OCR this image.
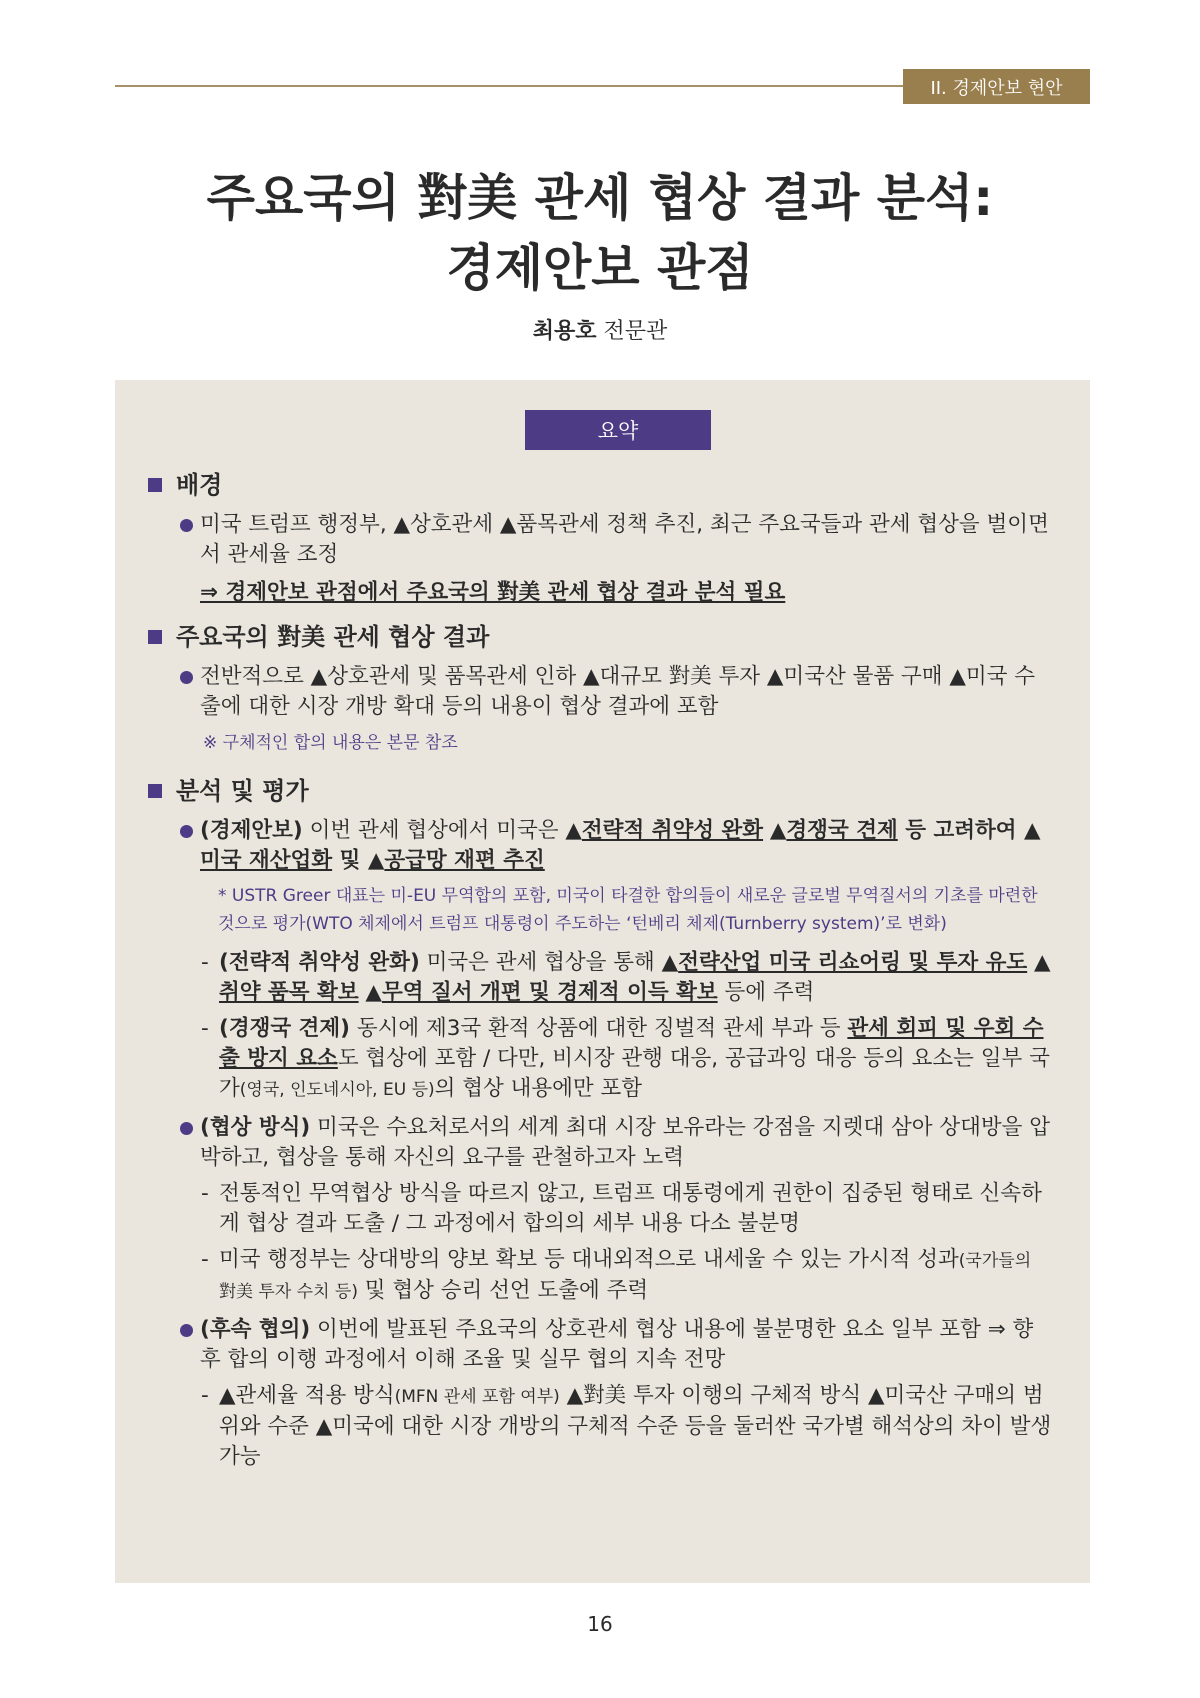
II. 경제안보 현안
주요국의 對美 관세 협상 결과 분석:
경제안보 관점
최용호 전문관
요약
배경
미국 트럼프 행정부, ▲상호관세 ▲품목관세 정책 추진, 최근 주요국들과 관세 협상을 벌이면서 관세율 조정
⇒ 경제안보 관점에서 주요국의 對美 관세 협상 결과 분석 필요
주요국의 對美 관세 협상 결과
전반적으로 ▲상호관세 및 품목관세 인하 ▲대규모 對美 투자 ▲미국산 물품 구매 ▲미국 수출에 대한 시장 개방 확대 등의 내용이 협상 결과에 포함
※ 구체적인 합의 내용은 본문 참조
분석 및 평가
(경제안보) 이번 관세 협상에서 미국은 ▲전략적 취약성 완화 ▲경쟁국 견제 등 고려하여 ▲미국 재산업화 및 ▲공급망 재편 추진
* USTR Greer 대표는 미-EU 무역합의 포함, 미국이 타결한 합의들이 새로운 글로벌 무역질서의 기초를 마련한 것으로 평가(WTO 체제에서 트럼프 대통령이 주도하는 ‘턴베리 체제(Turnberry system)’로 변화)
- (전략적 취약성 완화) 미국은 관세 협상을 통해 ▲전략산업 미국 리쇼어링 및 투자 유도 ▲취약 품목 확보 ▲무역 질서 개편 및 경제적 이득 확보 등에 주력
- (경쟁국 견제) 동시에 제3국 환적 상품에 대한 징벌적 관세 부과 등 관세 회피 및 우회 수출 방지 요소도 협상에 포함 / 다만, 비시장 관행 대응, 공급과잉 대응 등의 요소는 일부 국가(영국, 인도네시아, EU 등)의 협상 내용에만 포함
(협상 방식) 미국은 수요처로서의 세계 최대 시장 보유라는 강점을 지렛대 삼아 상대방을 압박하고, 협상을 통해 자신의 요구를 관철하고자 노력
- 전통적인 무역협상 방식을 따르지 않고, 트럼프 대통령에게 권한이 집중된 형태로 신속하게 협상 결과 도출 / 그 과정에서 합의의 세부 내용 다소 불분명
- 미국 행정부는 상대방의 양보 확보 등 대내외적으로 내세울 수 있는 가시적 성과(국가들의 對美 투자 수치 등) 및 협상 승리 선언 도출에 주력
(후속 협의) 이번에 발표된 주요국의 상호관세 협상 내용에 불분명한 요소 일부 포함 ⇒ 향후 합의 이행 과정에서 이해 조율 및 실무 협의 지속 전망
- ▲관세율 적용 방식(MFN 관세 포함 여부) ▲對美 투자 이행의 구체적 방식 ▲미국산 구매의 범위와 수준 ▲미국에 대한 시장 개방의 구체적 수준 등을 둘러싼 국가별 해석상의 차이 발생 가능
16
